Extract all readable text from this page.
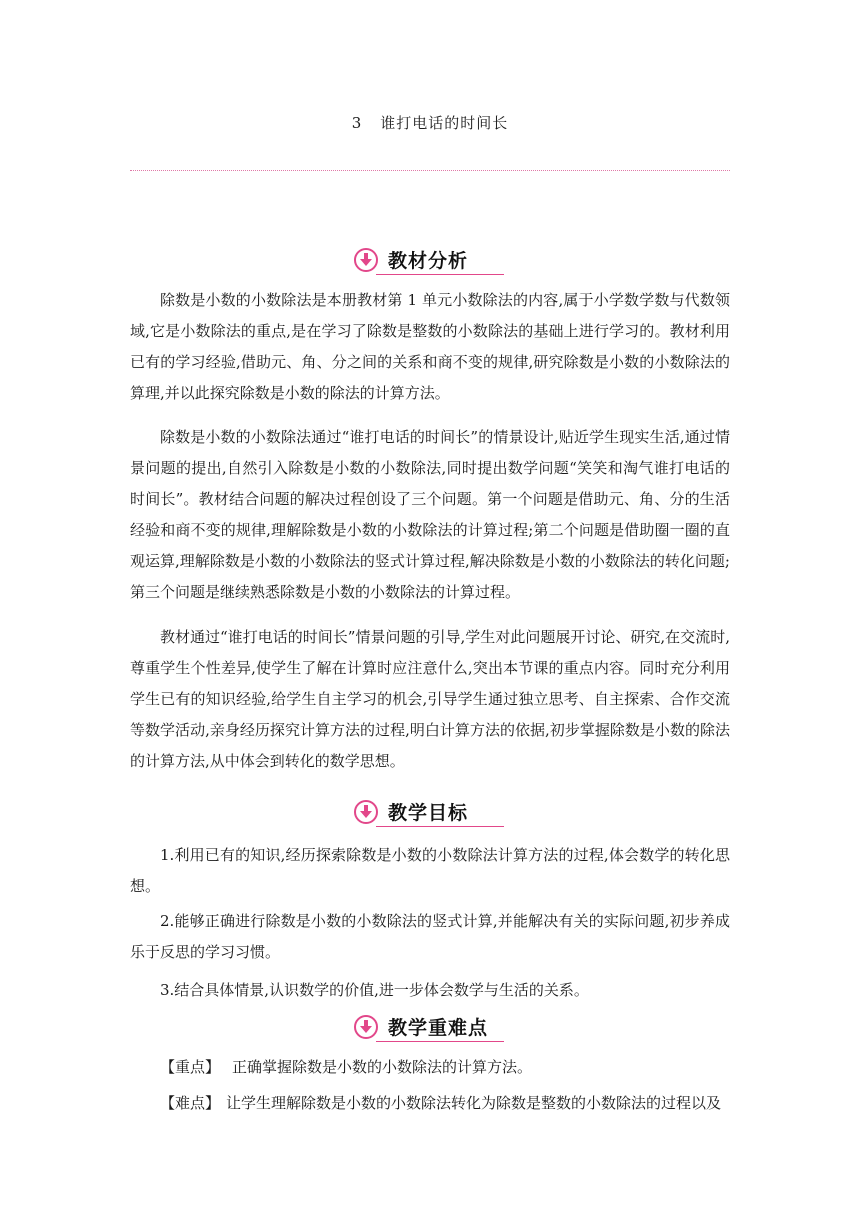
3 谁打电话的时间长
教材分析

除数是小数的小数除法是本册教材第 1 单元小数除法的内容,属于小学数学数与代数领域,它是小数除法的重点,是在学习了除数是整数的小数除法的基础上进行学习的。教材利用已有的学习经验,借助元、角、分之间的关系和商不变的规律,研究除数是小数的小数除法的算理,并以此探究除数是小数的除法的计算方法。

除数是小数的小数除法通过“谁打电话的时间长”的情景设计,贴近学生现实生活,通过情景问题的提出,自然引入除数是小数的小数除法,同时提出数学问题“笑笑和淘气谁打电话的时间长”。教材结合问题的解决过程创设了三个问题。第一个问题是借助元、角、分的生活经验和商不变的规律,理解除数是小数的小数除法的计算过程;第二个问题是借助圈一圈的直观运算,理解除数是小数的小数除法的竖式计算过程,解决除数是小数的小数除法的转化问题;第三个问题是继续熟悉除数是小数的小数除法的计算过程。

教材通过“谁打电话的时间长”情景问题的引导,学生对此问题展开讨论、研究,在交流时,尊重学生个性差异,使学生了解在计算时应注意什么,突出本节课的重点内容。同时充分利用学生已有的知识经验,给学生自主学习的机会,引导学生通过独立思考、自主探索、合作交流等数学活动,亲身经历探究计算方法的过程,明白计算方法的依据,初步掌握除数是小数的除法的计算方法,从中体会到转化的数学思想。

教学目标

1.利用已有的知识,经历探索除数是小数的小数除法计算方法的过程,体会数学的转化思想。

2.能够正确进行除数是小数的小数除法的竖式计算,并能解决有关的实际问题,初步养成乐于反思的学习习惯。

3.结合具体情景,认识数学的价值,进一步体会数学与生活的关系。

教学重难点

【重点】 正确掌握除数是小数的小数除法的计算方法。

【难点】 让学生理解除数是小数的小数除法转化为除数是整数的小数除法的过程以及
